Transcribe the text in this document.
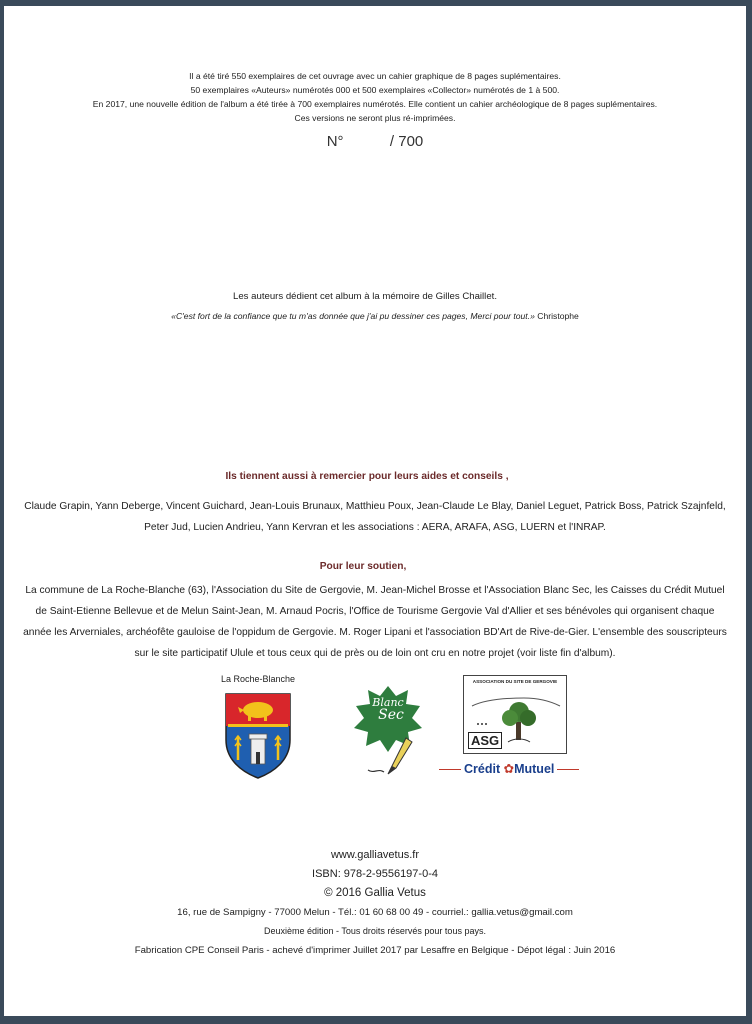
Il a été tiré 550 exemplaires de cet ouvrage avec un cahier graphique de 8 pages suplémentaires.
50 exemplaires «Auteurs» numérotés 000 et 500 exemplaires «Collector» numérotés de 1 à 500.
En 2017, une nouvelle édition de l'album a été tirée à 700 exemplaires numérotés. Elle contient un cahier archéologique de 8 pages suplémentaires.
Ces versions ne seront plus ré-imprimées.
N°	/ 700
Les auteurs dédient cet album à la mémoire de Gilles Chaillet.
«C'est fort de la confiance que tu m'as donnée que j'ai pu dessiner ces pages, Merci pour tout.» Christophe
Ils tiennent aussi à remercier pour leurs aides et conseils ,
Claude Grapin, Yann Deberge, Vincent Guichard, Jean-Louis Brunaux, Matthieu Poux, Jean-Claude Le Blay, Daniel Leguet, Patrick Boss, Patrick Szajnfeld,
Peter Jud, Lucien Andrieu, Yann Kervran et les associations : AERA, ARAFA, ASG, LUERN et l'INRAP.
Pour leur soutien,
La commune de La Roche-Blanche (63), l'Association du Site de Gergovie, M. Jean-Michel Brosse et l'Association Blanc Sec, les Caisses du Crédit Mutuel
de Saint-Etienne Bellevue et de Melun Saint-Jean, M. Arnaud Pocris, l'Office de Tourisme Gergovie Val d'Allier et ses bénévoles qui organisent chaque
année les Arverniales, archéofête gauloise de l'oppidum de Gergovie. M. Roger Lipani et l'association BD'Art de Rive-de-Gier. L'ensemble des souscripteurs
sur le site participatif Ulule et tous ceux qui de près ou de loin ont cru en notre projet (voir liste fin d'album).
La Roche-Blanche
Blanc
Sec
ASSOCIATION DU SITE DE GERGOVIE
ASG
Crédit ✿Mutuel
www.galliavetus.fr
ISBN: 978-2-9556197-0-4
© 2016 Gallia Vetus
16, rue de Sampigny - 77000 Melun - Tél.: 01 60 68 00 49 - courriel.: gallia.vetus@gmail.com
Deuxième édition - Tous droits réservés pour tous pays.
Fabrication CPE Conseil Paris - achevé d'imprimer Juillet 2017 par Lesaffre en Belgique - Dépot légal : Juin 2016
